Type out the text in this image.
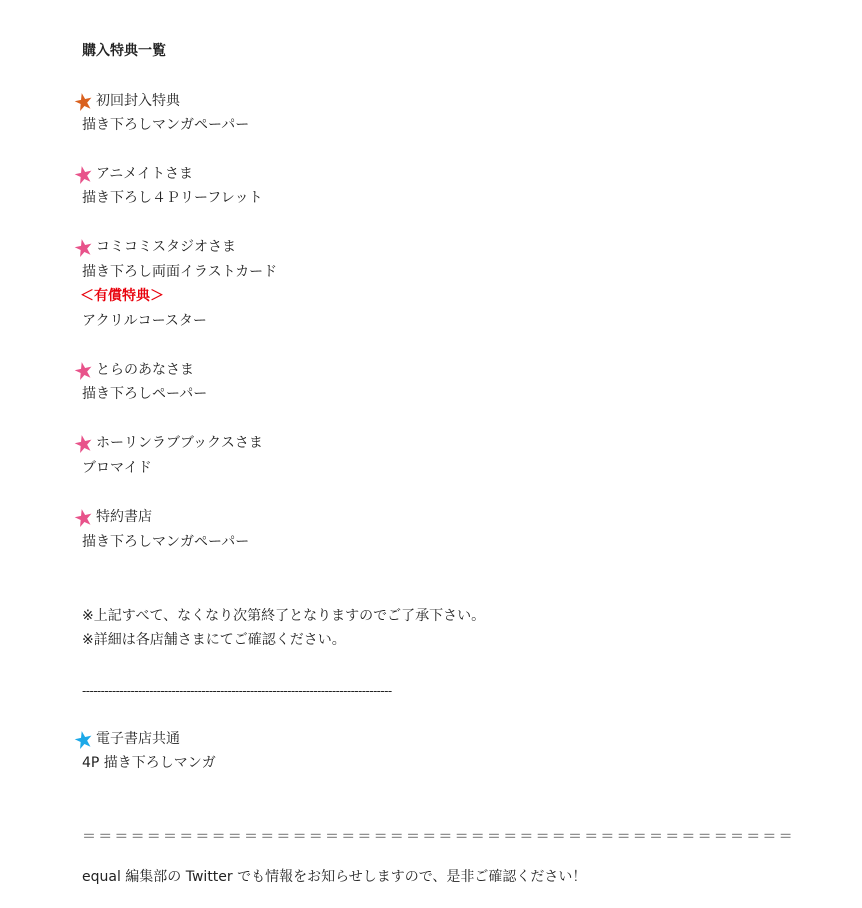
購入特典一覧
初回封入特典
描き下ろしマンガペーパー
アニメイトさま
描き下ろし４Ｐリーフレット
コミコミスタジオさま
描き下ろし両面イラストカード
＜有償特典＞
アクリルコースター
とらのあなさま
描き下ろしペーパー
ホーリンラブブックスさま
ブロマイド
特約書店
描き下ろしマンガペーパー
※上記すべて、なくなり次第終了となりますのでご了承下さい。
※詳細は各店舗さまにてご確認ください。
-----------------------------------------------------------------------------------
電子書店共通
4P 描き下ろしマンガ
＝＝＝＝＝＝＝＝＝＝＝＝＝＝＝＝＝＝＝＝＝＝＝＝＝＝＝＝＝＝＝＝＝＝＝＝＝＝＝＝＝＝＝＝
equal 編集部の Twitter でも情報をお知らせしますので、是非ご確認ください！
